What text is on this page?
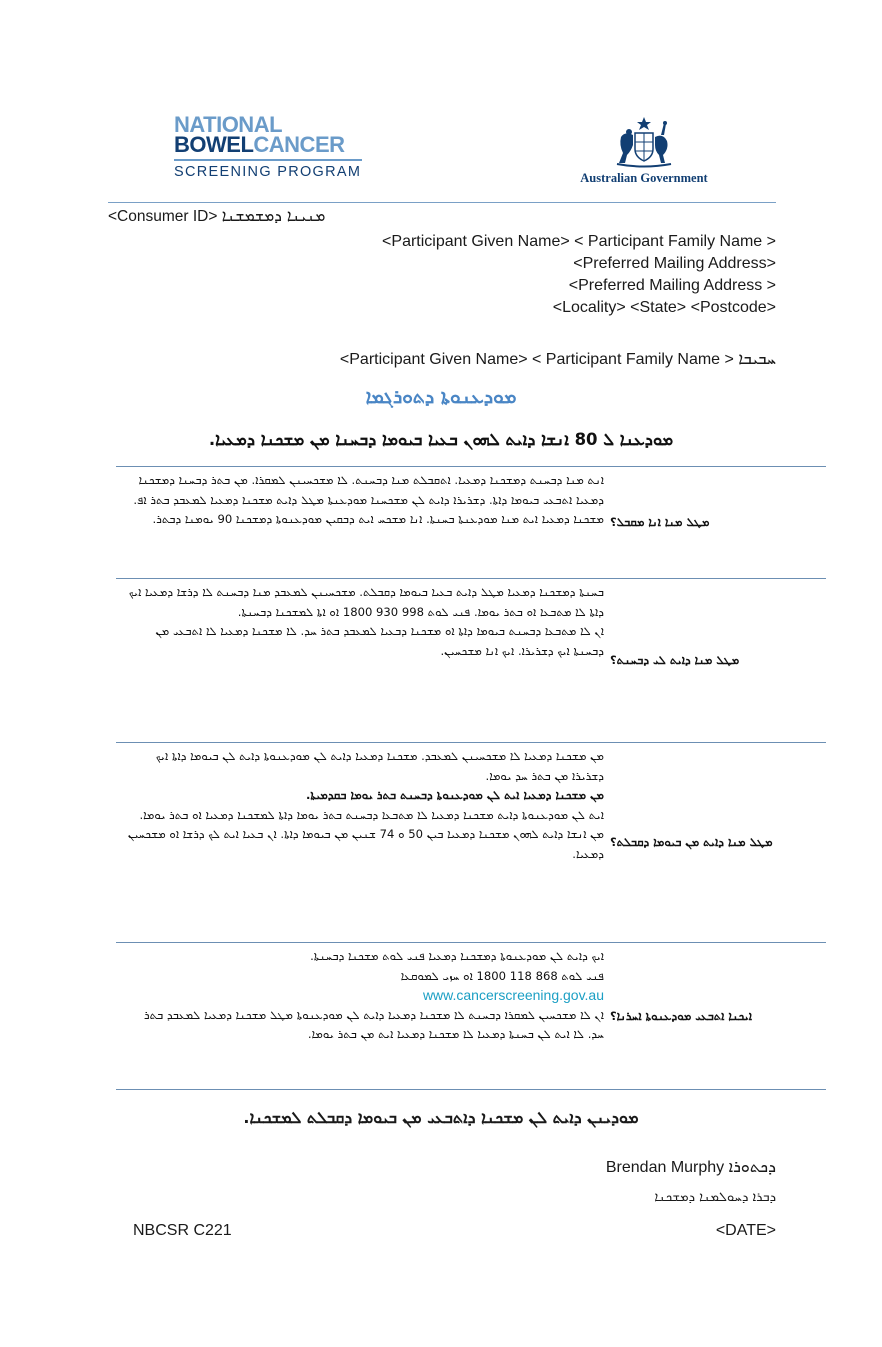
NATIONAL
BOWELCANCER
SCREENING PROGRAM	Australian Government
<Consumer ID> ܡܢܝܢܐ ܕܡܫܡܫܢܐ
<Participant Given Name> < Participant Family Name >
<Preferred Mailing Address>
<Preferred Mailing Address >
<Locality> <State> <Postcode>
<Participant Given Name> < Participant Family Name > ܚܒܝܒܐ
ܡܘܕܥܢܘܬܐ ܕܬܘܪܓܡܐ
ܡܘܕܥܢܐ ܠ 80 ܐܢܫܐ ܕܐܝܬ ܠܗܘܢ ܒܥܝܐ ܒܝܘܡܐ ܕܒܚܢܐ ܡܢ ܡܫܟܢܐ ܕܡܥܝܐ.

ܐܢܬ ܡܢܐ ܕܒܚܢܬ ܕܡܫܟܢܐ ܕܡܥܝܐ. ܐܬܩܒܠܬ ܡܢܐ ܕܒܚܢܬ. ܠܐ ܡܫܟܚܝܢܢ ܠܡܩܪܐ. ܡܢ ܒܬܪ ܕܒܚܢܐ ܕܡܫܟܢܐ ܕܡܥܝܐ ܐܬܒܥܝ ܒܝܘܡܐ ܕܐܬܐ. ܕܫܪܝܪܐ ܕܐܝܬ ܠܢ ܡܫܟܚܢܐ ܡܘܕܥܢܬܐ ܡܛܠ ܕܐܝܬ ܡܫܟܢܐ ܕܡܥܝܐ ܠܡܥܒܕ ܒܬܪ ܐܦ. ܡܫܟܢܐ ܕܡܥܝܐ ܐܝܬ ܡܢܐ ܡܘܕܥܢܬܐ ܒܚܢܬܐ. ܐܢܐ ܡܫܟܚ ܐܝܬ ܕܒܩܝܢ ܡܘܕܥܢܘܬܐ ܕܡܫܟܢܐ 90 ܝܘܡܢܐ ܕܒܬܪ. ܡܛܠ ܡܢܐ ܐܢܐ ܡܩܒܠ؟

ܒܚܢܬܐ ܕܡܫܟܢܐ ܕܡܥܝܐ ܡܛܠ ܕܐܝܬ ܒܥܝܐ ܒܝܘܡܐ ܕܩܒܠܬ. ܡܫܟܚܝܢܢ ܠܡܥܒܕ ܡܢܐ ܕܒܚܢܬ ܠܐ ܕܪܫܐ ܕܡܥܝܐ ܐܝܟ ܕܐܬܐ ܠܐ ܡܬܒܥܐ ܐܘ ܒܬܪ ܝܘܡܐ. ܦܢܝ ܠܘܬ 998 930 1800 ܐܘ ܐܬܐ ܠܡܫܟܢܐ ܕܒܚܢܬܐ.

ܐܢ ܠܐ ܡܬܒܥܐ ܕܒܚܢܬ ܒܝܘܡܐ ܕܐܬܐ ܐܘ ܡܫܟܢܐ ܕܒܥܝܐ ܠܡܥܒܕ ܒܬܪ ܚܕ. ܠܐ ܡܫܟܢܐ ܕܡܥܝܐ ܠܐ ܐܬܒܥܝ ܡܢ ܕܒܚܢܬܐ ܐܝܟ ܕܫܪܝܪܐ. ܐܝܟ ܐܢܐ ܡܫܟܚܝܢ.

ܡܛܠ ܡܢܐ ܕܐܝܬ ܠܝ ܕܒܚܢܬ؟

ܡܢ ܡܫܟܢܐ ܕܡܥܝܐ ܠܐ ܡܫܟܚܝܢܢ ܠܡܥܒܕ. ܡܫܟܢܐ ܕܡܥܝܐ ܕܐܝܬ ܠܢ ܡܘܕܥܢܘܬܐ ܕܐܝܬ ܠܢ ܒܝܘܡܐ ܕܐܬܐ ܐܝܟ ܕܫܪܝܪܐ ܡܢ ܒܬܪ ܚܕ ܝܘܡܐ.

ܡܢ ܡܫܟܢܐ ܕܡܥܝܐ ܐܝܬ ܠܢ ܡܘܕܥܢܘܬܐ ܕܒܚܢܬ ܒܬܪ ܝܘܡܐ ܒܩܕܡܝܬܐ.

ܐܝܬ ܠܢ ܡܘܕܥܢܘܬܐ ܕܐܝܬ ܡܫܟܢܐ ܕܡܥܝܐ ܠܐ ܡܬܒܥܐ ܕܒܚܢܬ ܒܬܪ ܝܘܡܐ ܕܐܬܐ ܠܡܫܟܢܐ ܕܡܥܝܐ ܐܘ ܒܬܪ ܝܘܡܐ.

ܡܢ ܐܢܫܐ ܕܐܝܬ ܠܗܘܢ ܡܫܟܢܐ ܕܡܥܝܐ ܒܝܢ 50 ܘ 74 ܫܢܝܢ ܡܢ ܒܝܘܡܐ ܕܐܬܐ. ܐܢ ܒܥܝܐ ܐܝܬ ܠܟ ܕܪܫܐ ܐܘ ܡܫܟܚܝܢ ܕܡܥܝܐ.

ܡܛܠ ܡܢܐ ܕܐܝܬ ܡܢ ܒܝܘܡܐ ܕܩܒܠܬ؟

ܐܝܟ ܕܐܝܬ ܠܢ ܡܘܕܥܢܘܬܐ ܕܡܫܟܢܐ ܕܡܥܝܐ ܦܢܝ ܠܘܬ ܡܫܟܢܐ ܕܒܚܢܬܐ.

ܦܢܝ ܠܘܬ 868 118 1800 ܐܘ ܚܙܝ ܠܡܘܩܥܐ

www.cancerscreening.gov.au

ܐܢ ܠܐ ܡܫܟܚܝܢ ܠܡܩܪܐ ܕܒܚܢܬ ܠܐ ܡܫܟܢܐ ܕܡܥܝܐ ܕܐܝܬ ܠܢ ܡܘܕܥܢܘܬܐ ܡܛܠ ܡܫܟܢܐ ܕܡܥܝܐ ܠܡܥܒܕ ܒܬܪ ܚܕ. ܠܐ ܐܝܬ ܠܢ ܒܚܢܬܐ ܕܡܥܝܐ ܠܐ ܡܫܟܢܐ ܕܡܥܝܐ ܐܝܬ ܡܢ ܒܬܪ ܝܘܡܐ.

ܐܝܟܢܐ ܐܬܒܥܝ ܡܘܕܥܢܘܬܐ ܐܚܪܢܐ؟
ܡܘܕܝܢܢ ܕܐܝܬ ܠܢ ܡܫܟܢܐ ܕܐܬܒܥܝ ܡܢ ܒܝܘܡܐ ܕܩܒܠܬ ܠܡܫܟܢܐ.
Brendan Murphy ܕܟܬܘܪܐ
ܕܒܪܐ ܕܚܘܠܡܢܐ ܕܡܫܟܢܐ
NBCSR C221	<DATE>
